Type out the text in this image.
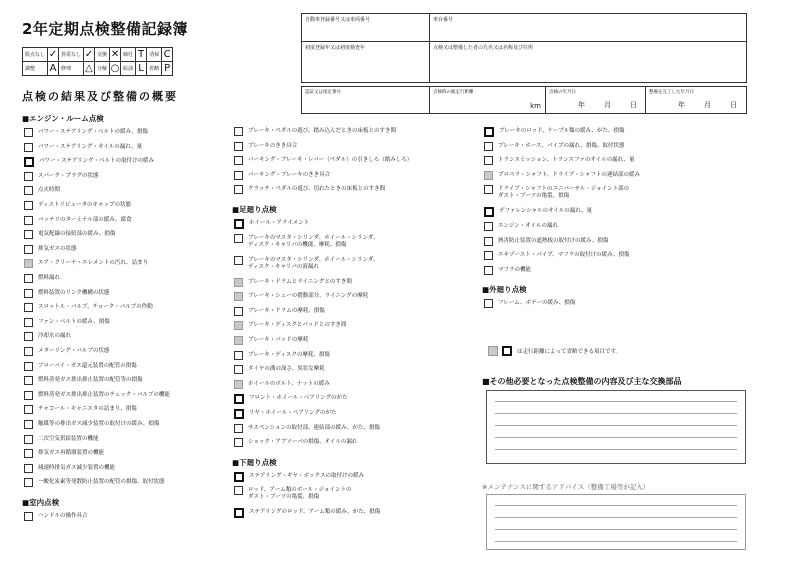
2年定期点検整備記録簿
脱点なし	✓	異常なし	✓	交換	✕	締付	T	清掃	C
調整	A	修理	△	分解	○	給油	L	省略	P
点検の結果及び整備の概要
自動車登録番号又は車両番号	車台番号
初度登録年又は初度検査年	点検又は整備した者の氏名又は名称及び住所
認証又は指定番号	点検時の総走行距離
km
点検の年月日
年	月	日
整備を完了した年月日
年	月	日
■エンジン・ルーム点検
パワー・ステアリング・ベルトの緩み、損傷
パワー・ステアリング・オイルの漏れ、量
パワー・ステアリング・ベルトの取付けの緩み
スパーク・プラグの状態
点火時期
ディストリビュータのキャップの状態
バッテリのターミナル部の緩み、腐食
電気配線の接続部の緩み、損傷
排気ガスの状態
エア・クリーナ・エレメントの汚れ、詰まり
燃料漏れ
燃料装置のリンク機構の状態
スロットル・バルブ、チョーク・バルブの作動
ファン・ベルトの緩み、損傷
冷却水の漏れ
メターリング・バルブの状態
ブローバイ・ガス還元装置の配管の損傷
燃料蒸発ガス排出抑止装置の配管等の損傷
燃料蒸発ガス排出抑止装置のチェック・バルブの機能
チャコール・キャニスタの詰まり、損傷
触媒等の排出ガス減少装置の取付けの緩み、損傷
二次空気供給装置の機能
排気ガス再循環装置の機能
減速時排気ガス減少装置の機能
一酸化炭素等発散防止装置の配管の損傷、取付状態
■室内点検
ハンドルの操作具合
ブレーキ・ペダルの遊び、踏み込んだときの床板とのすき間
ブレーキのきき具合
パーキング・ブレーキ・レバー（ペダル）の引きしろ（踏みしろ）
パーキング・ブレーキのきき具合
クラッチ・ペダルの遊び、切れたときの床板とのすき間
■足廻り点検
ホイール・アライメント
ブレーキのマスタ・シリンダ、ホイール・シリンダ、
ディスク・キャリパの機能、摩耗、損傷
ブレーキのマスタ・シリンダ、ホイール・シリンダ、
ディスク・キャリパの液漏れ
ブレーキ・ドラムとライニングとのすき間
ブレーキ・シューの摺動部分、ライニングの摩耗
ブレーキ・ドラムの摩耗、損傷
ブレーキ・ディスクとパッドとのすき間
ブレーキ・パッドの摩耗
ブレーキ・ディスクの摩耗、損傷
タイヤの溝の深さ、異状な摩耗
ホイールのボルト、ナットの緩み
フロント・ホイール・ベアリングのがた
リヤ・ホイール・ベアリングのがた
サスペンションの取付部、連結部の緩み、がた、損傷
ショック・アブソーバの損傷、オイルの漏れ
■下廻り点検
ステアリング・ギヤ・ボックスの取付けの緩み
ロッド、アーム類のボール・ジョイントの
ダスト・ブーツの亀裂、損傷
ステアリングのロッド、アーム類の緩み、がた、損傷
ブレーキのロッド、ケーブル類の緩み、がた、損傷
ブレーキ・ホース、パイプの漏れ、損傷、取付状態
トランスミッション、トランスファのオイルの漏れ、量
プロペラ・シャフト、ドライブ・シャフトの連結部の緩み
ドライブ・シャフトのユニバーサル・ジョイント部の
ダスト・ブーツの亀裂、損傷
デファレンシャルのオイルの漏れ、量
エンジン・オイルの漏れ
熱害防止装置の遮熱板の取付けの緩み、損傷
エキゾースト・パイプ、マフラの取付けの緩み、損傷
マフラの機能
■外廻り点検
フレーム、ボデーの緩み、損傷
は走行距離によって省略できる項目です。
■その他必要となった点検整備の内容及び主な交換部品
※メンテナンスに関するアドバイス（整備工場等が記入）
